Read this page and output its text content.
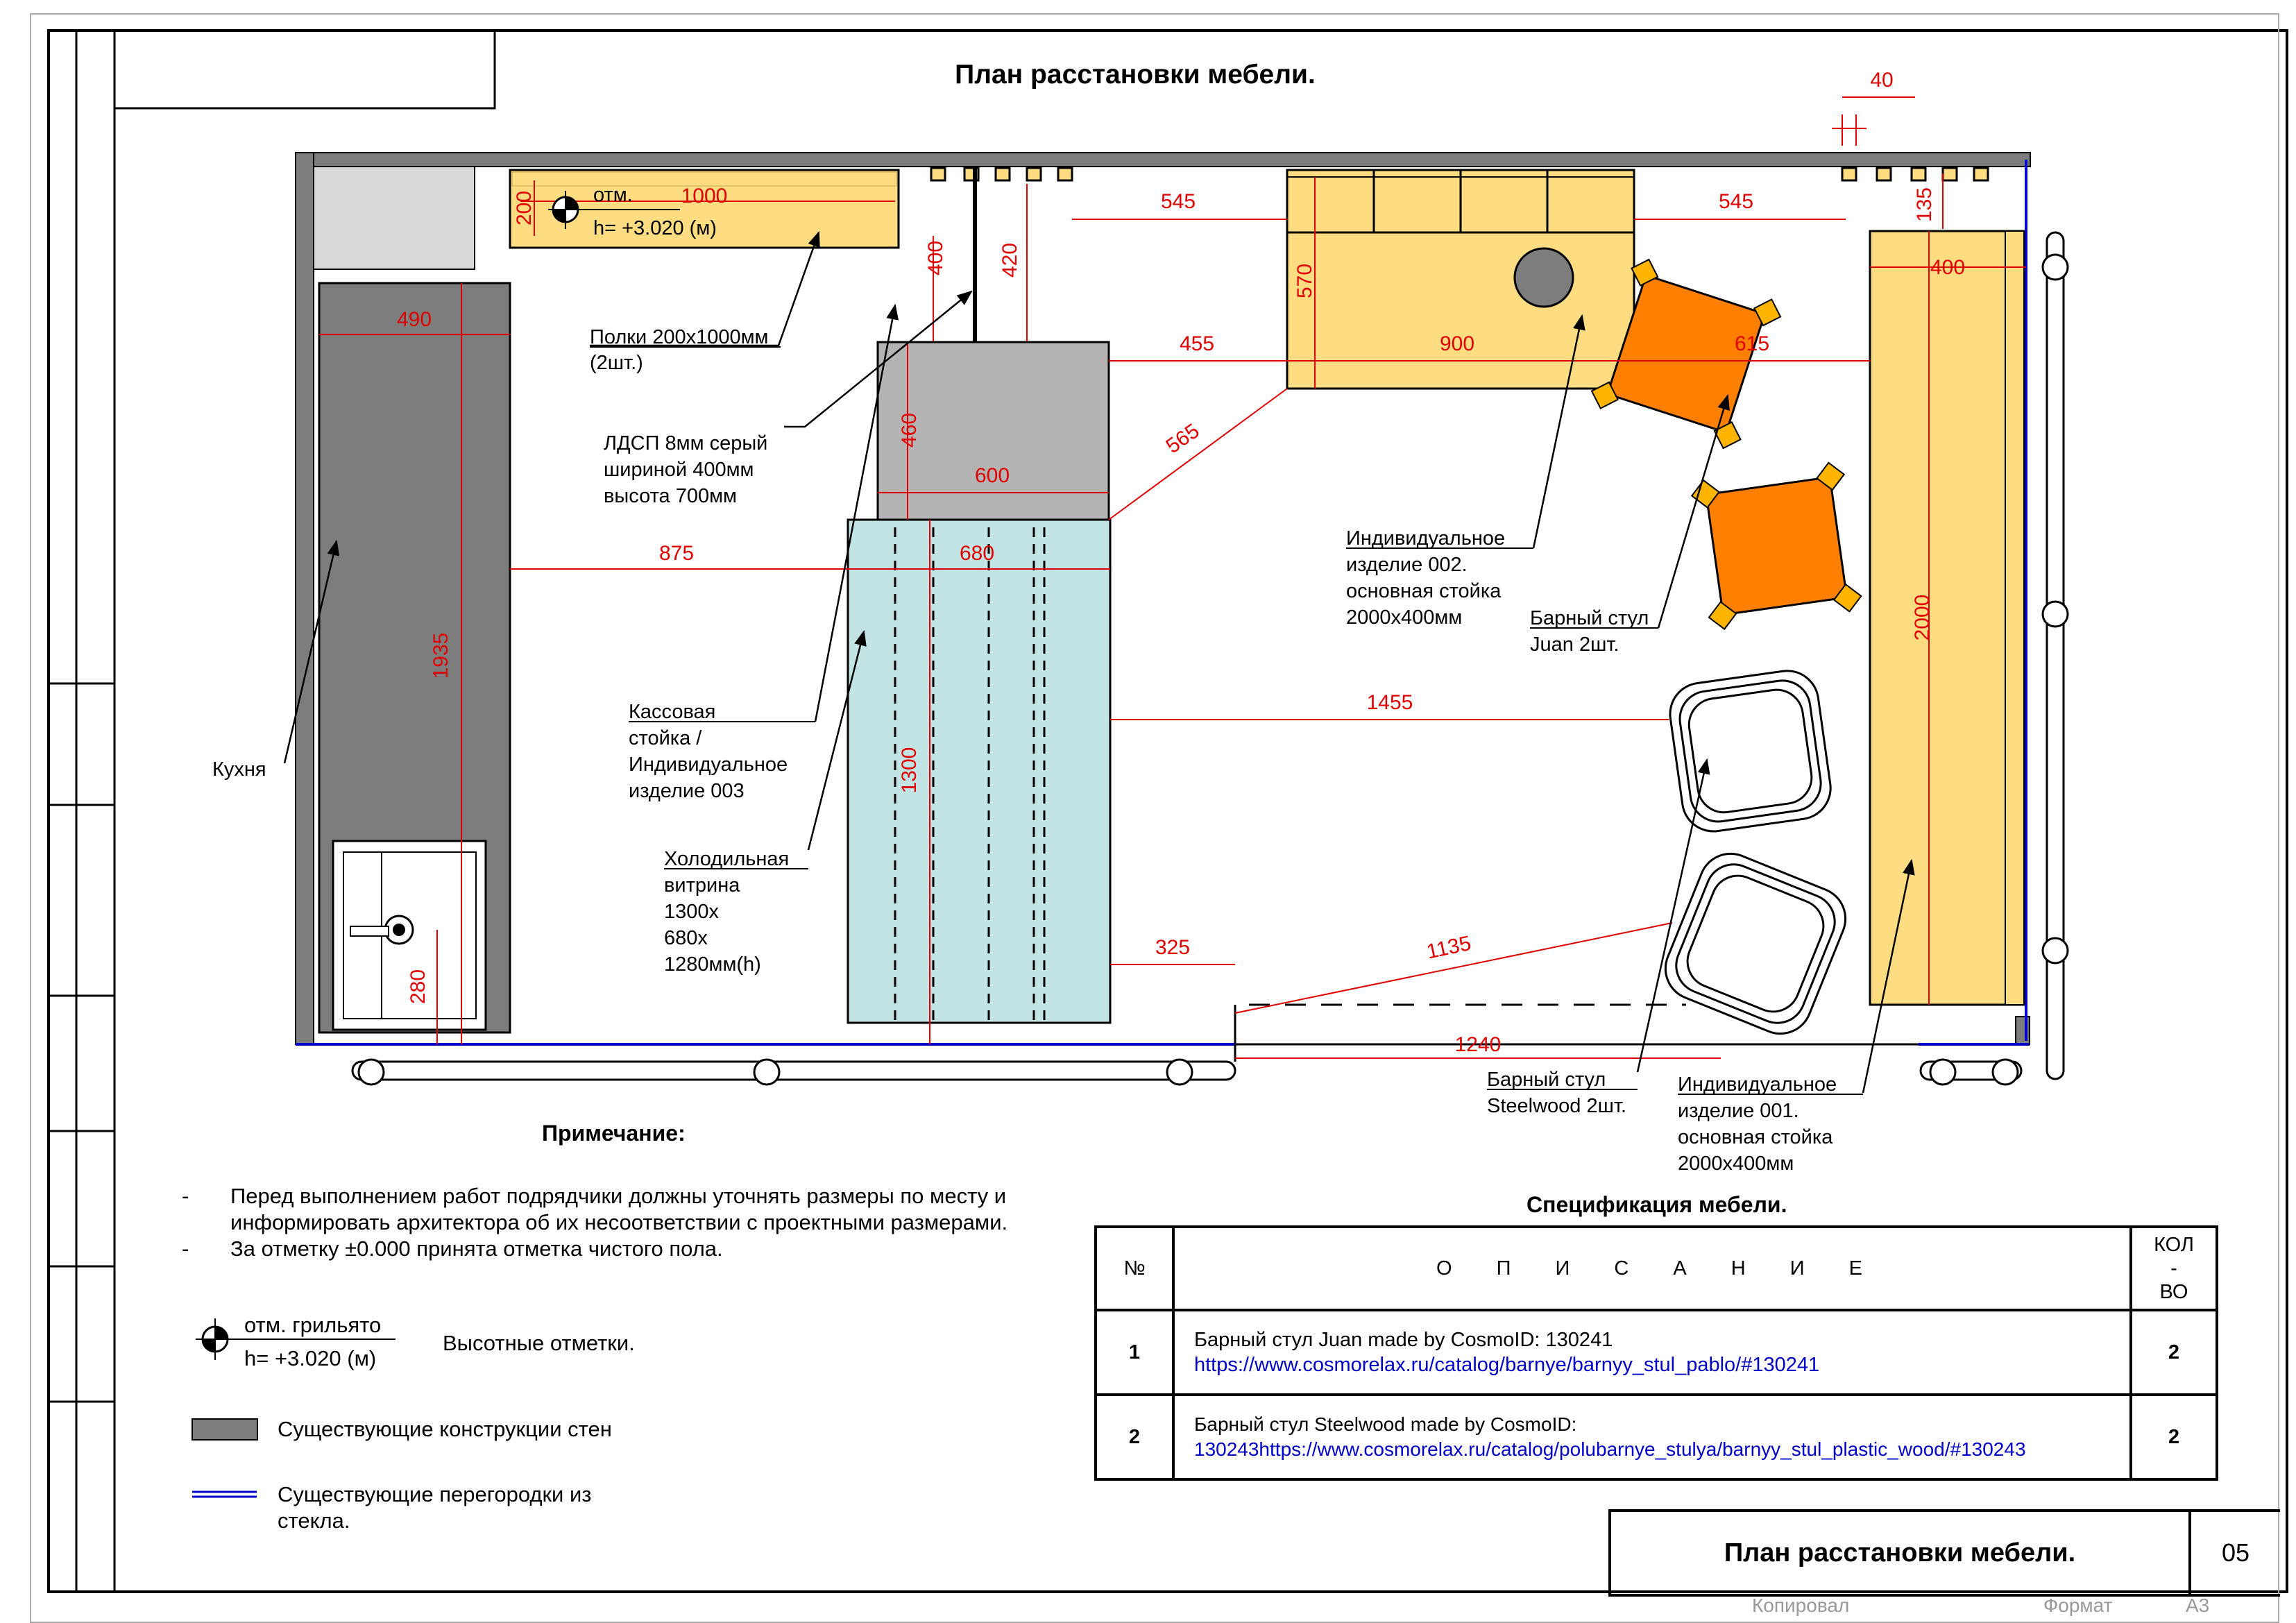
План расстановки мебели.	40
1000
200	545	545	135
400
490
420
400
570
455	900	615
460
600
565
875	680
1935
2000
1455
1300
325	1135
1240
280
отм.
h= +3.020 (м)
Полки 200х1000мм
(2шт.)
ЛДСП 8мм серый
шириной 400мм
высота 700мм
Кухня
Кассовая
стойка /
Индивидуальное
изделие 003
Холодильная
витрина
1300х
680х
1280мм(h)
Индивидуальное
изделие 002.
основная стойка
2000х400мм	Барный стул
Juan 2шт.
Барный стул
Steelwood 2шт.
Индивидуальное
изделие 001.
основная стойка
2000х400мм
Примечание:
-	Перед выполнением работ подрядчики должны уточнять размеры по месту и
информировать архитектора об их несоответствии с проектными размерами.
-	За отметку ±0.000 принята отметка чистого пола.
отм. грильято
h= +3.020 (м)
Высотные отметки.
Существующие конструкции стен
Существующие перегородки из
стекла.
Спецификация мебели.
№	О П И С А Н И Е	КОЛ
-
ВО

1	Барный стул Juan made by CosmoID: 130241
https://www.cosmorelax.ru/catalog/barnye/barnyy_stul_pablo/#130241	2
2	Барный стул Steelwood made by CosmoID:
130243https://www.cosmorelax.ru/catalog/polubarnye_stulya/barnyy_stul_plastic_wood/#130243	2
План расстановки мебели.	05
Копировал	Формат	А3
